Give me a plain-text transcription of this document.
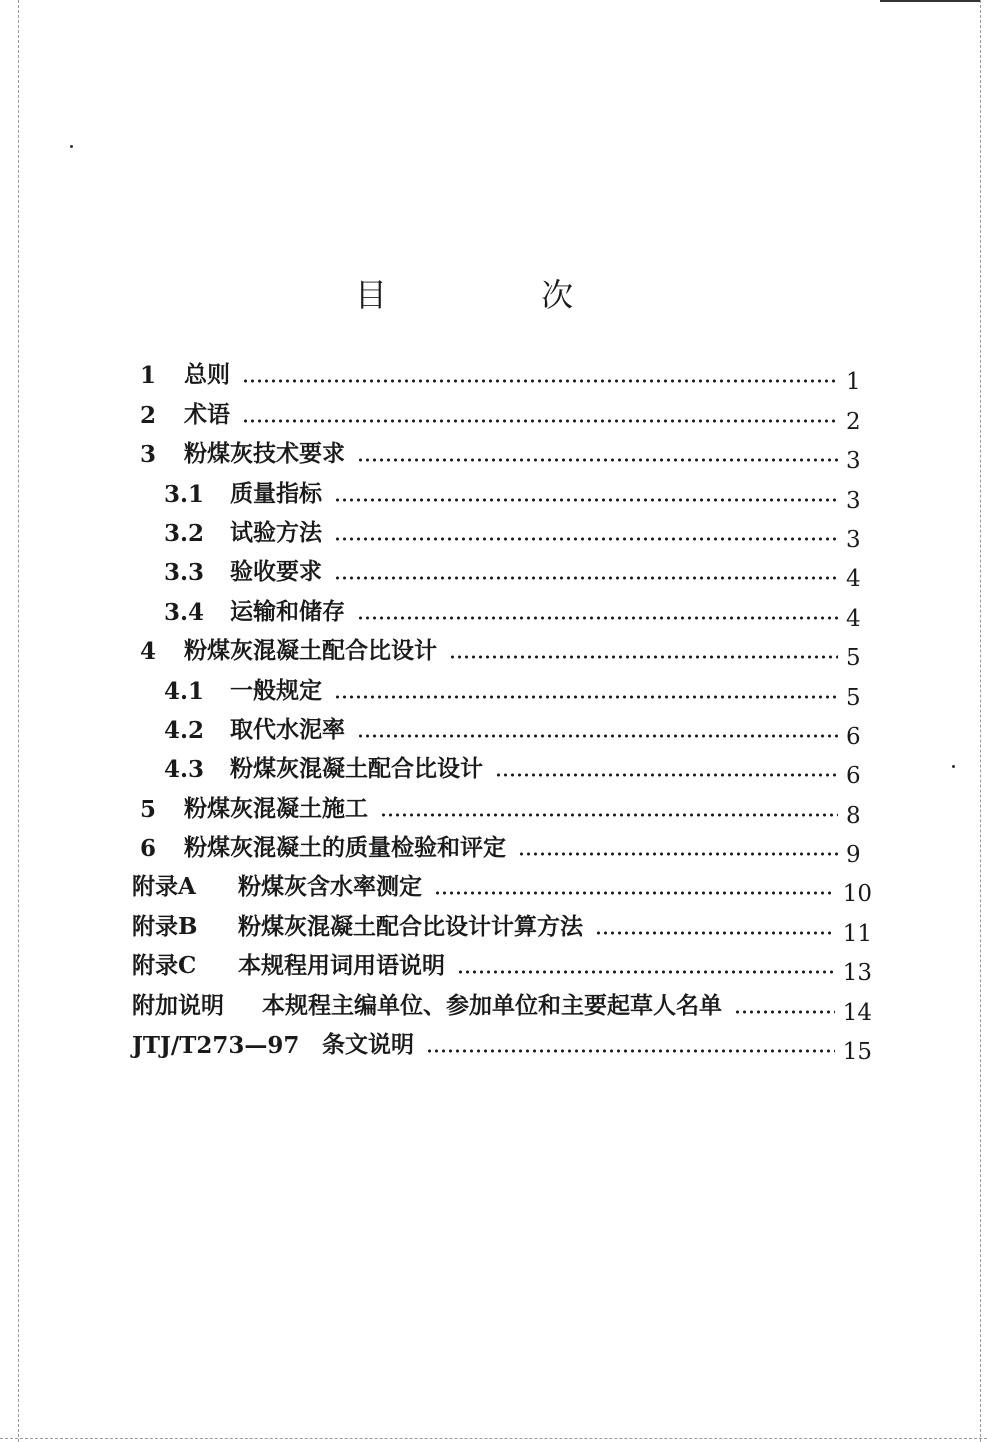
目 次
1	总则	1
2	术语	2
3	粉煤灰技术要求	3
3.1	质量指标	3
3.2	试验方法	3
3.3	验收要求	4
3.4	运输和储存	4
4	粉煤灰混凝土配合比设计	5
4.1	一般规定	5
4.2	取代水泥率	6
4.3	粉煤灰混凝土配合比设计	6
5	粉煤灰混凝土施工	8
6	粉煤灰混凝土的质量检验和评定	9
附录A	粉煤灰含水率测定	10
附录B	粉煤灰混凝土配合比设计计算方法	11
附录C	本规程用词用语说明	13
附加说明	本规程主编单位、参加单位和主要起草人名单	14
JTJ/T273—97 条文说明	15
